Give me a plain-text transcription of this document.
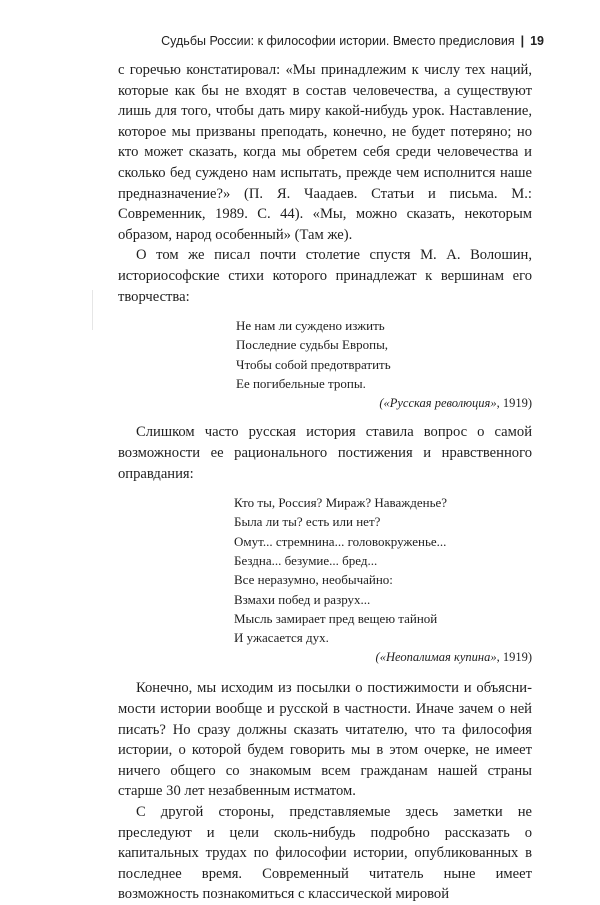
Судьбы России: к философии истории. Вместо предисловия | 19

с горечью констатировал: «Мы принадлежим к числу тех наций, которые как бы не входят в состав человечества, а существуют лишь для того, чтобы дать миру какой-нибудь урок. Наставление, которое мы призваны преподать, конечно, не будет потеряно; но кто может сказать, когда мы обретем себя среди человечества и сколько бед суждено нам испытать, прежде чем исполнится наше предназначение?» (П. Я. Чаадаев. Статьи и письма. М.: Современник, 1989. С. 44). «Мы, можно сказать, некоторым образом, народ особенный» (Там же).

О том же писал почти столетие спустя М. А. Волошин, историософские стихи которого принадлежат к вершинам его творчества:

Не нам ли суждено изжить
Последние судьбы Европы,
Чтобы собой предотвратить
Ее погибельные тропы.
(«Русская революция», 1919)

Слишком часто русская история ставила вопрос о самой возможности ее рационального постижения и нравственного оправдания:

Кто ты, Россия? Мираж? Наважденье?
Была ли ты? есть или нет?
Омут... стремнина... головокруженье...
Бездна... безумие... бред...
Все неразумно, необычайно:
Взмахи побед и разрух...
Мысль замирает пред вещею тайной
И ужасается дух.
(«Неопалимая купина», 1919)

Конечно, мы исходим из посылки о постижимости и объяснимости истории вообще и русской в частности. Иначе зачем о ней писать? Но сразу должны сказать читателю, что та философия истории, о которой будем говорить мы в этом очерке, не имеет ничего общего со знакомым всем гражданам нашей страны старше 30 лет незабвенным истматом.

С другой стороны, представляемые здесь заметки не преследуют и цели сколь-нибудь подробно рассказать о капитальных трудах по философии истории, опубликованных в последнее время. Современный читатель ныне имеет возможность познакомиться с классической мировой
